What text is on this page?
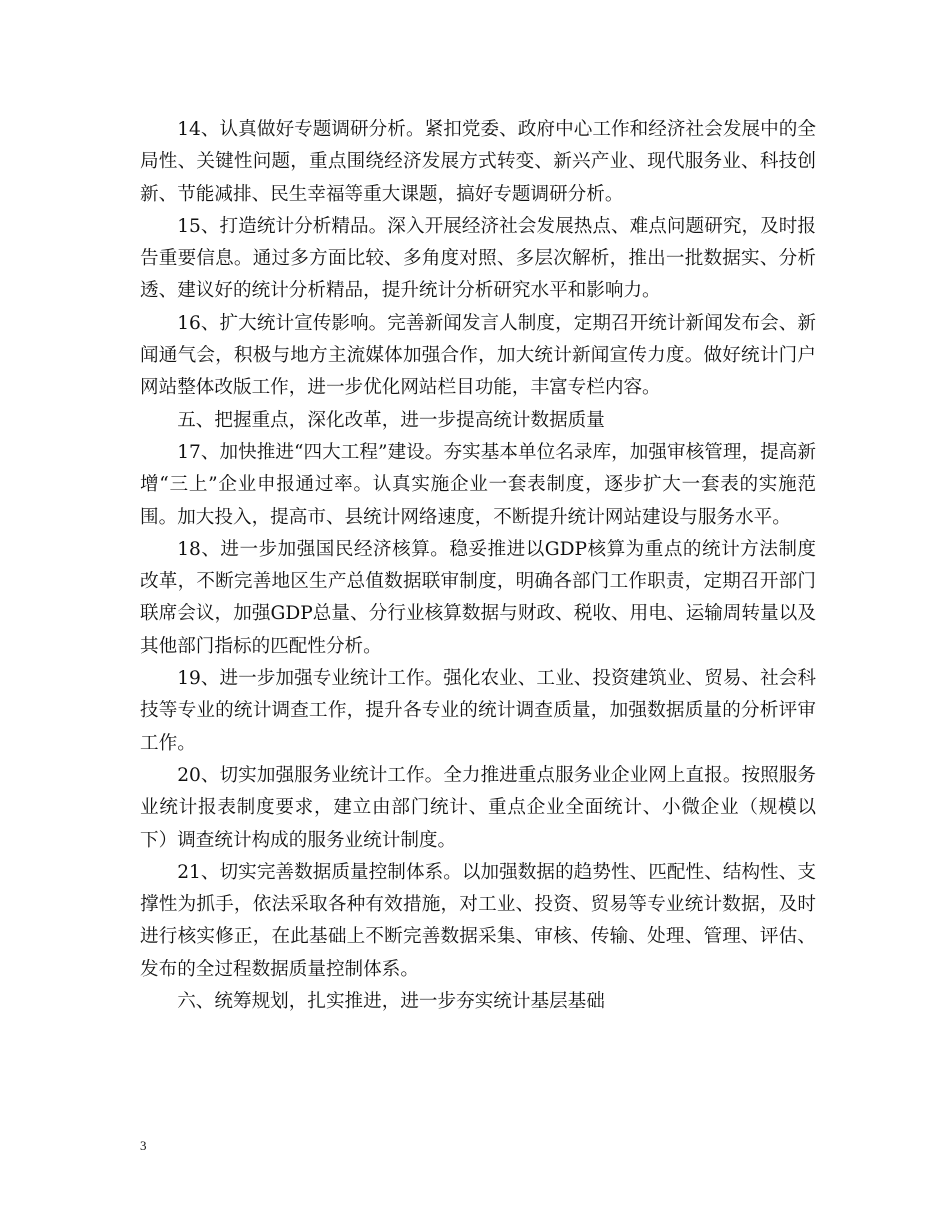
14、认真做好专题调研分析。紧扣党委、政府中心工作和经济社会发展中的全局性、关键性问题，重点围绕经济发展方式转变、新兴产业、现代服务业、科技创新、节能减排、民生幸福等重大课题，搞好专题调研分析。

15、打造统计分析精品。深入开展经济社会发展热点、难点问题研究，及时报告重要信息。通过多方面比较、多角度对照、多层次解析，推出一批数据实、分析透、建议好的统计分析精品，提升统计分析研究水平和影响力。

16、扩大统计宣传影响。完善新闻发言人制度，定期召开统计新闻发布会、新闻通气会，积极与地方主流媒体加强合作，加大统计新闻宣传力度。做好统计门户网站整体改版工作，进一步优化网站栏目功能，丰富专栏内容。

五、把握重点，深化改革，进一步提高统计数据质量

17、加快推进“四大工程”建设。夯实基本单位名录库，加强审核管理，提高新增“三上”企业申报通过率。认真实施企业一套表制度，逐步扩大一套表的实施范围。加大投入，提高市、县统计网络速度，不断提升统计网站建设与服务水平。

18、进一步加强国民经济核算。稳妥推进以GDP核算为重点的统计方法制度改革，不断完善地区生产总值数据联审制度，明确各部门工作职责，定期召开部门联席会议，加强GDP总量、分行业核算数据与财政、税收、用电、运输周转量以及其他部门指标的匹配性分析。

19、进一步加强专业统计工作。强化农业、工业、投资建筑业、贸易、社会科技等专业的统计调查工作，提升各专业的统计调查质量，加强数据质量的分析评审工作。

20、切实加强服务业统计工作。全力推进重点服务业企业网上直报。按照服务业统计报表制度要求，建立由部门统计、重点企业全面统计、小微企业（规模以下）调查统计构成的服务业统计制度。

21、切实完善数据质量控制体系。以加强数据的趋势性、匹配性、结构性、支撑性为抓手，依法采取各种有效措施，对工业、投资、贸易等专业统计数据，及时进行核实修正，在此基础上不断完善数据采集、审核、传输、处理、管理、评估、发布的全过程数据质量控制体系。

六、统筹规划，扎实推进，进一步夯实统计基层基础

3
